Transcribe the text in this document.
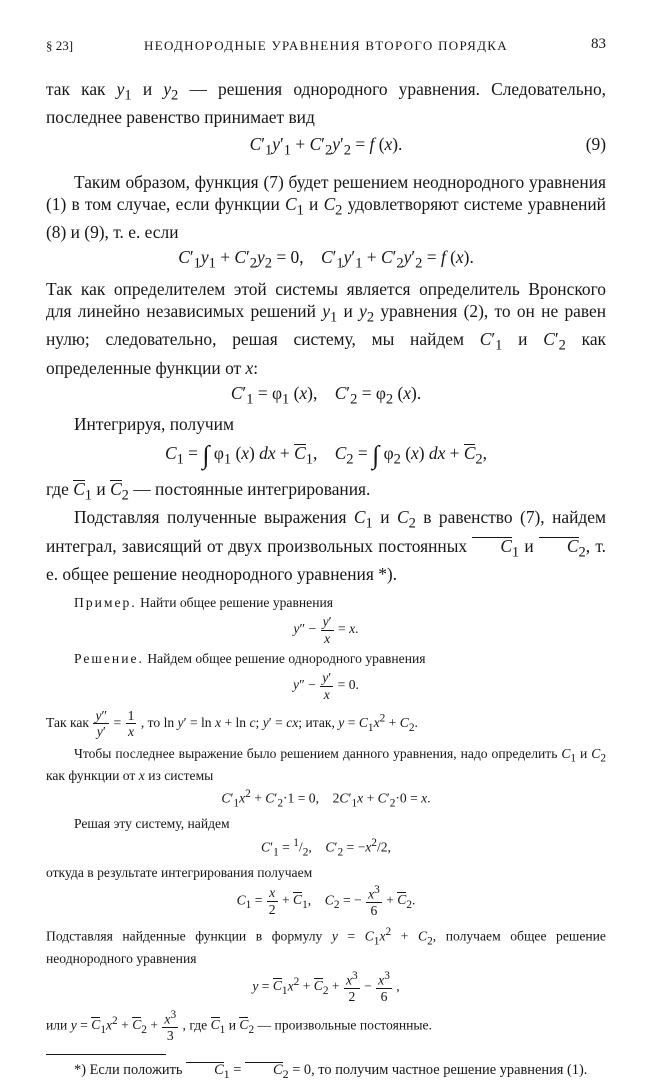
§ 23]	НЕОДНОРОДНЫЕ УРАВНЕНИЯ ВТОРОГО ПОРЯДКА	83

так как $y_1$ и $y_2$ — решения однородного уравнения. Следовательно, последнее равенство принимает вид

$C'_1y'_1 + C'_2y'_2 = f$ (x).	(9)

Таким образом, функция (7) будет решением неоднородного уравнения (1) в том случае, если функции $C_1$ и $C_2$ удовлетворяют системе уравнений (8) и (9), т. е. если

$C'_1y_1 + C'_2y_2 = 0$,    $C'_1y'_1 + C'_2y'_2 = f$ (x).

Так как определителем этой системы является определитель Вронского для линейно независимых решений $y_1$ и $y_2$ уравнения (2), то он не равен нулю; следовательно, решая систему, мы найдем $C'_1$ и $C'_2$ как определенные функции от x:

$C'_1 = \varphi_1$ (x),    $C'_2 = \varphi_2$ (x).

Интегрируя, получим

$C_1$ = ∫ $\varphi_1$ (x) dx + $C_1$,    $C_2$ = ∫ $\varphi_2$ (x) dx + $C_2$,

где $C_1$ и $C_2$ — постоянные интегрирования.

Подставляя полученные выражения $C_1$ и $C_2$ в равенство (7), найдем интеграл, зависящий от двух произвольных постоянных $C_1$ и $C_2$, т. е. общее решение неоднородного уравнения *).

Пример. Найти общее решение уравнения

$y'' - \frac{y'}{x} = x$.

Решение. Найдем общее решение однородного уравнения

$y'' - \frac{y'}{x} = 0$.

Так как $\frac{y''}{y'} = \frac{1}{x}$ , то ln y′ = ln x + ln c; y′ = cx; итак, $y = C_1x^2 + C_2$.

Чтобы последнее выражение было решением данного уравнения, надо определить $C_1$ и $C_2$ как функции от x из системы

$C'_1x^2 + C'_2\cdot 1 = 0$,    $2C'_1x + C'_2\cdot 0 = x$.

Решая эту систему, найдем

$C'_1 = ^1/_2$,    $C'_2 = -x^2/2$,

откуда в результате интегрирования получаем

$C_1 = \frac{x}{2} + C_1$,    $C_2$ = − $\frac{x^3}{6} + C_2$.

Подставляя найденные функции в формулу $y = C_1x^2 + C_2$, получаем общее решение неоднородного уравнения

$y = C_1x^2 + C_2 + \frac{x^3}{2} - \frac{x^3}{6}$ ,

или $y = C_1x^2 + C_2 + \frac{x^3}{3}$ , где $C_1$ и $C_2$ — произвольные постоянные.

*) Если положить $C_1 = C_2 = 0$, то получим частное решение уравнения (1).
